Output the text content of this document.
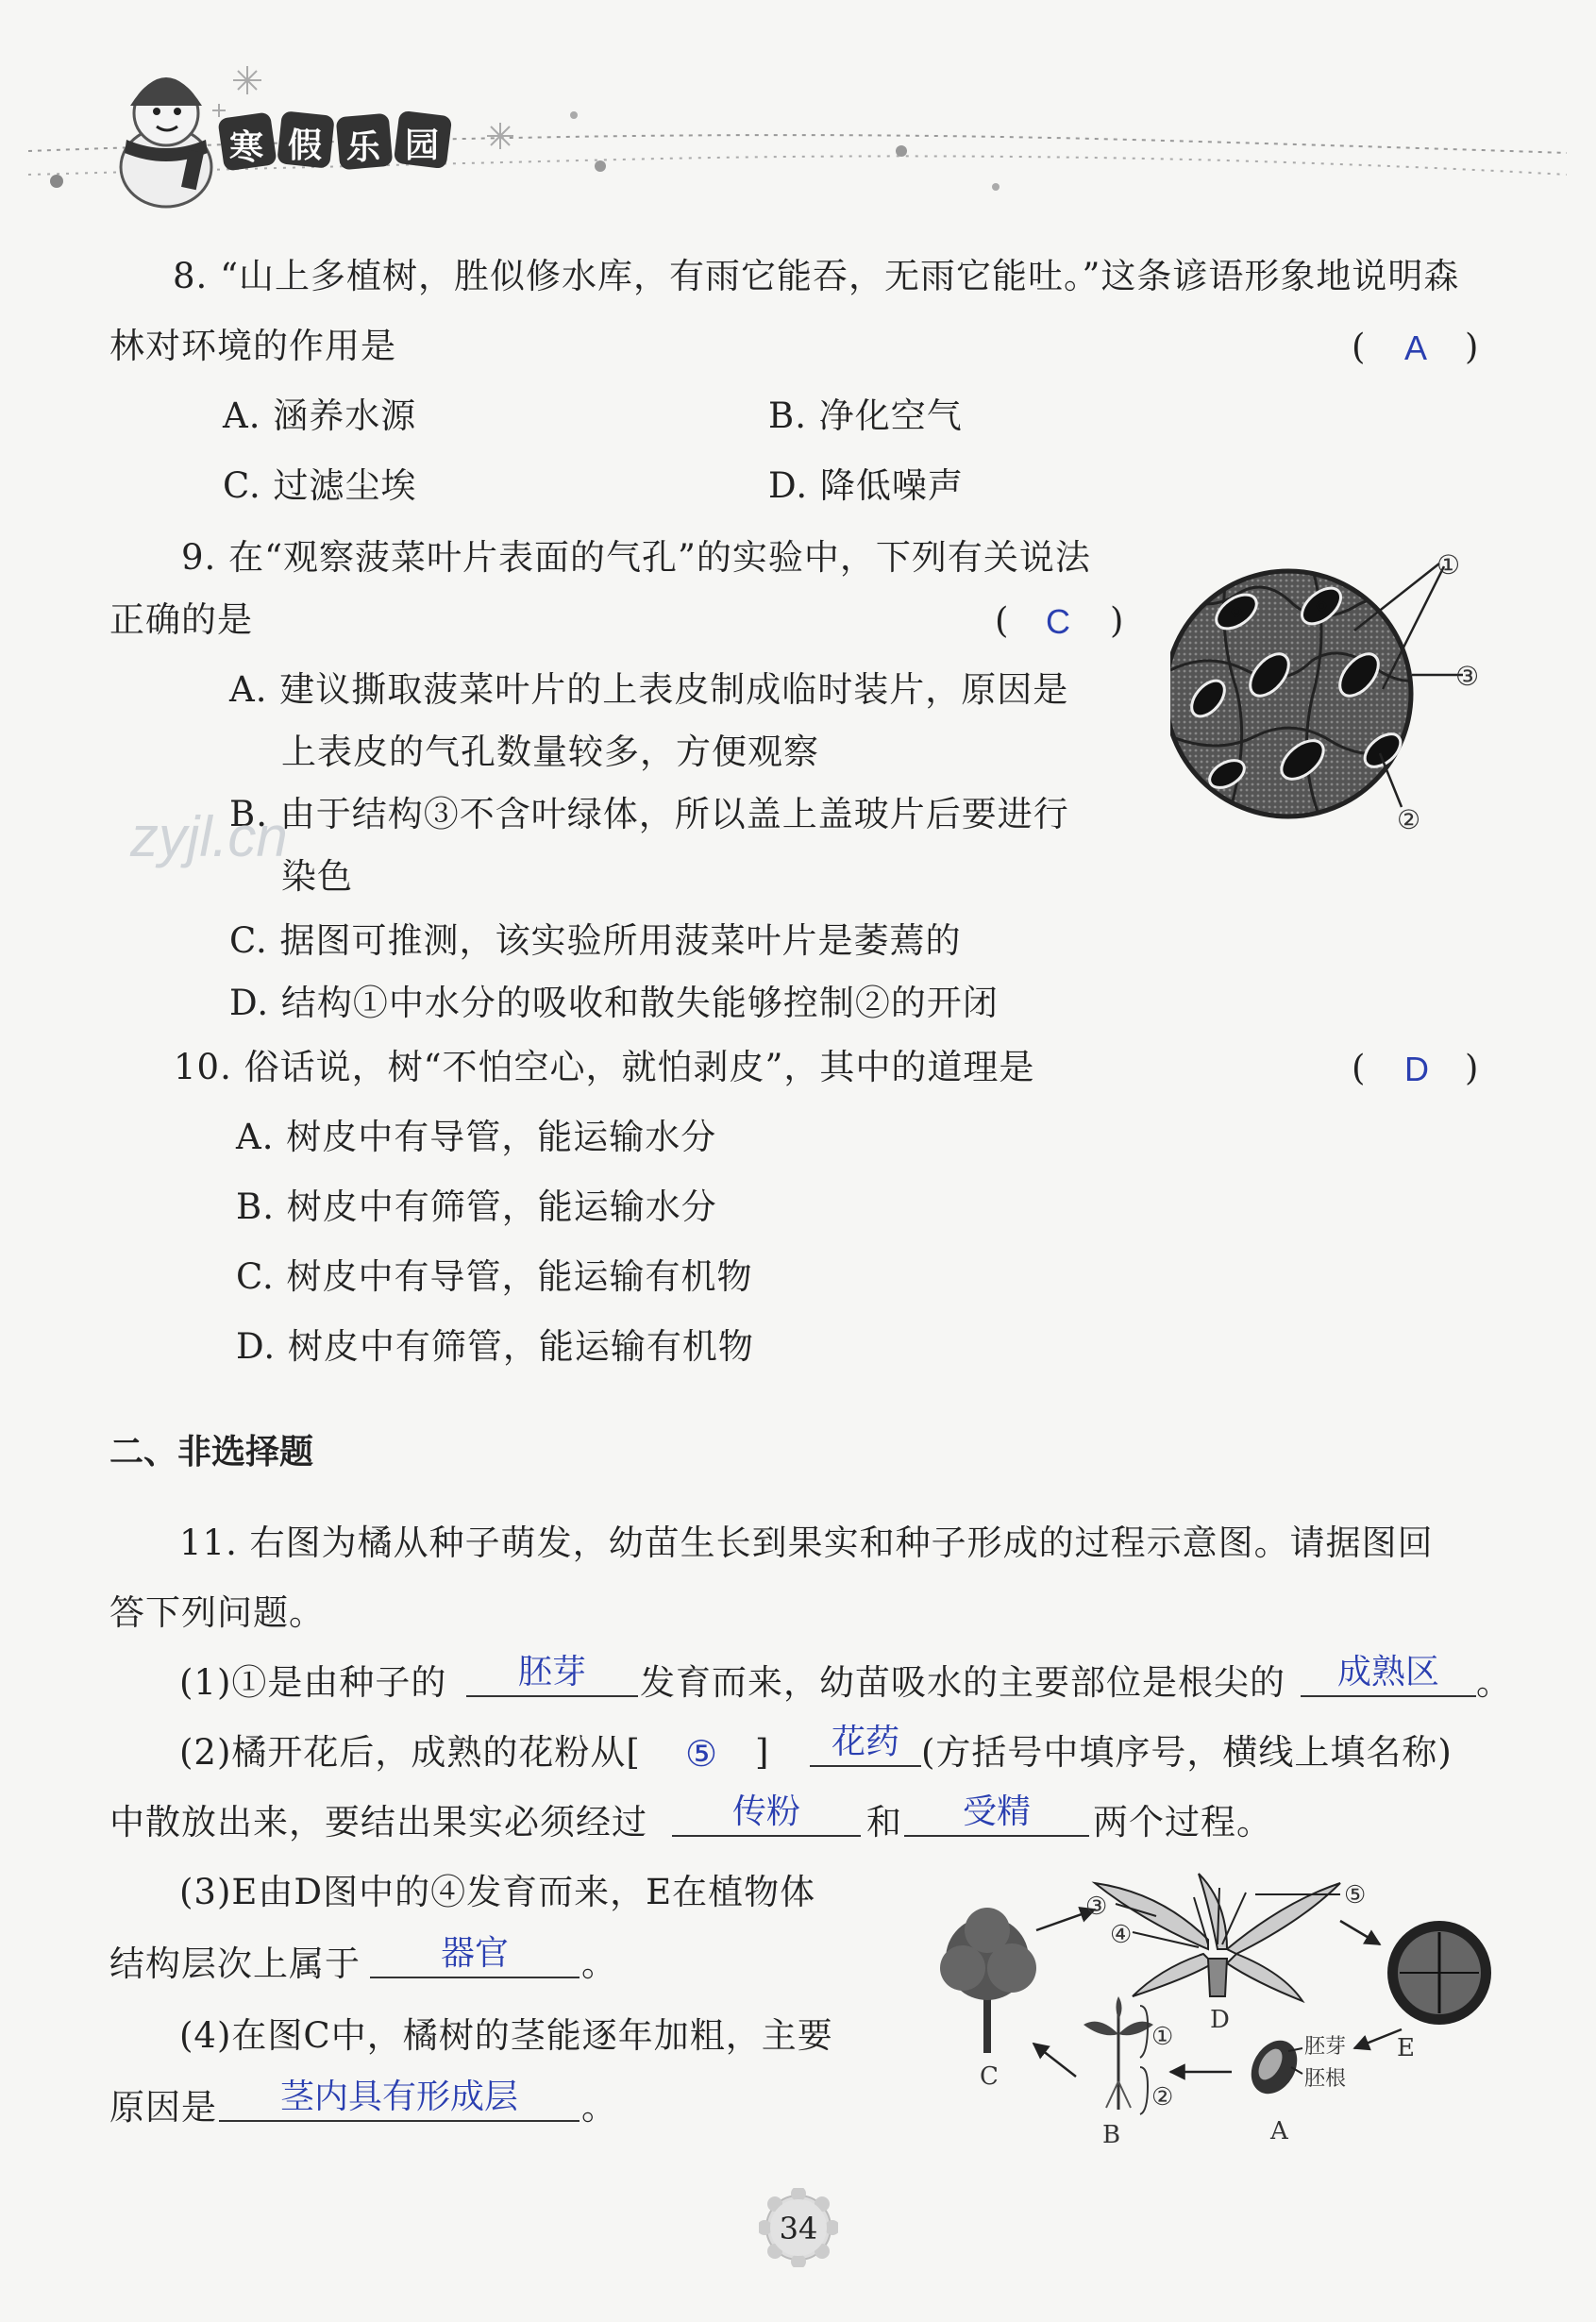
寒 假 乐 园
8. “山上多植树，胜似修水库，有雨它能吞，无雨它能吐。”这条谚语形象地说明森
林对环境的作用是	( A )
A. 涵养水源	B. 净化空气
C. 过滤尘埃	D. 降低噪声
9. 在“观察菠菜叶片表面的气孔”的实验中，下列有关说法
正确的是	( C )
A. 建议撕取菠菜叶片的上表皮制成临时装片，原因是
上表皮的气孔数量较多，方便观察
B. 由于结构③不含叶绿体，所以盖上盖玻片后要进行
染色
C. 据图可推测，该实验所用菠菜叶片是萎蔫的
D. 结构①中水分的吸收和散失能够控制②的开闭
①
③
②
zyjl.cn
10. 俗话说，树“不怕空心，就怕剥皮”，其中的道理是	( D )
A. 树皮中有导管，能运输水分
B. 树皮中有筛管，能运输水分
C. 树皮中有导管，能运输有机物
D. 树皮中有筛管，能运输有机物
二、非选择题
11. 右图为橘从种子萌发，幼苗生长到果实和种子形成的过程示意图。请据图回
答下列问题。
(1)①是由种子的	胚芽	发育而来，幼苗吸水的主要部位是根尖的	成熟区	。
(2)橘开花后，成熟的花粉从[ ⑤ ]	花药 (方括号中填序号，横线上填名称)
中散放出来，要结出果实必须经过	传粉	和	受精	两个过程。
(3)E由D图中的④发育而来，E在植物体
结构层次上属于	器官	。
(4)在图C中，橘树的茎能逐年加粗，主要
原因是	茎内具有形成层	。
③
④
⑤
D
E
C
B	A
①
②
胚芽
胚根
34
